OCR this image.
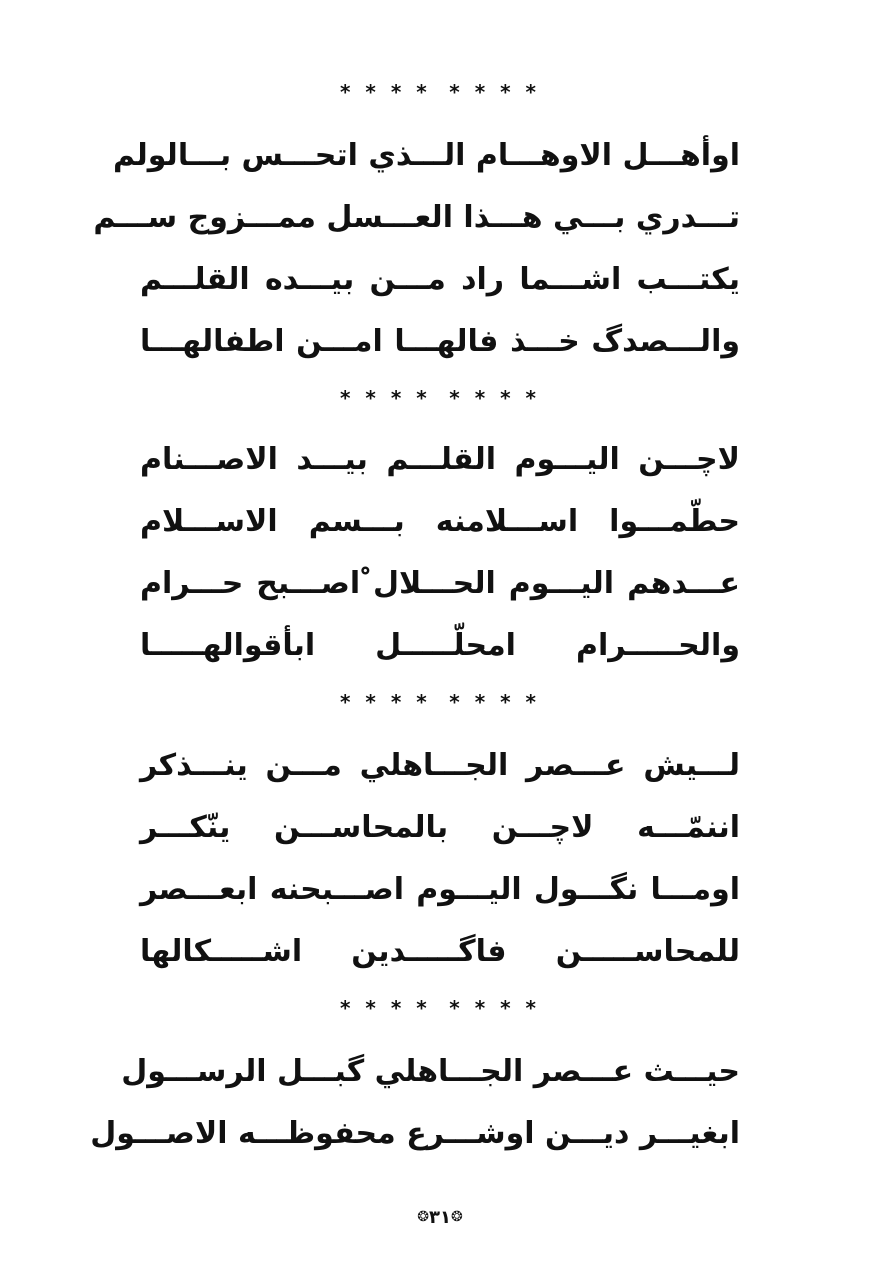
* * * * * * * *
اوأهـــل الاوهـــام الـــذي اتحـــس بـــالولم
تـــدري بـــي هـــذا العـــسل ممـــزوج ســـم
يكتـــب اشـــما راد مـــن بيـــده القلـــم
والـــصدگ خـــذ فالهـــا امـــن اطفالهـــا
* * * * * * * *
لاچـــن اليـــوم القلـــم بيـــد الاصـــنام
حطّمـــوا اســـلامنه بـــسم الاســـلام
عـــدهم اليـــوم الحـــلال ْاصـــبح حـــرام
والحـــــرام امحلّـــــل ابأقوالهـــــا
* * * * * * * *
لـــيش عـــصر الجـــاهلي مـــن ينـــذكر
اننمّـــه لاچـــن بالمحاســـن ينّكـــر
اومـــا نگـــول اليـــوم اصـــبحنه ابعـــصر
للمحاســـــن فاگـــــدين اشـــــكالها
* * * * * * * *
حيـــث عـــصر الجـــاهلي گبـــل الرســـول
ابغيـــر ديـــن اوشـــرع محفوظـــه الاصـــول
❂ ٣١ ❂
